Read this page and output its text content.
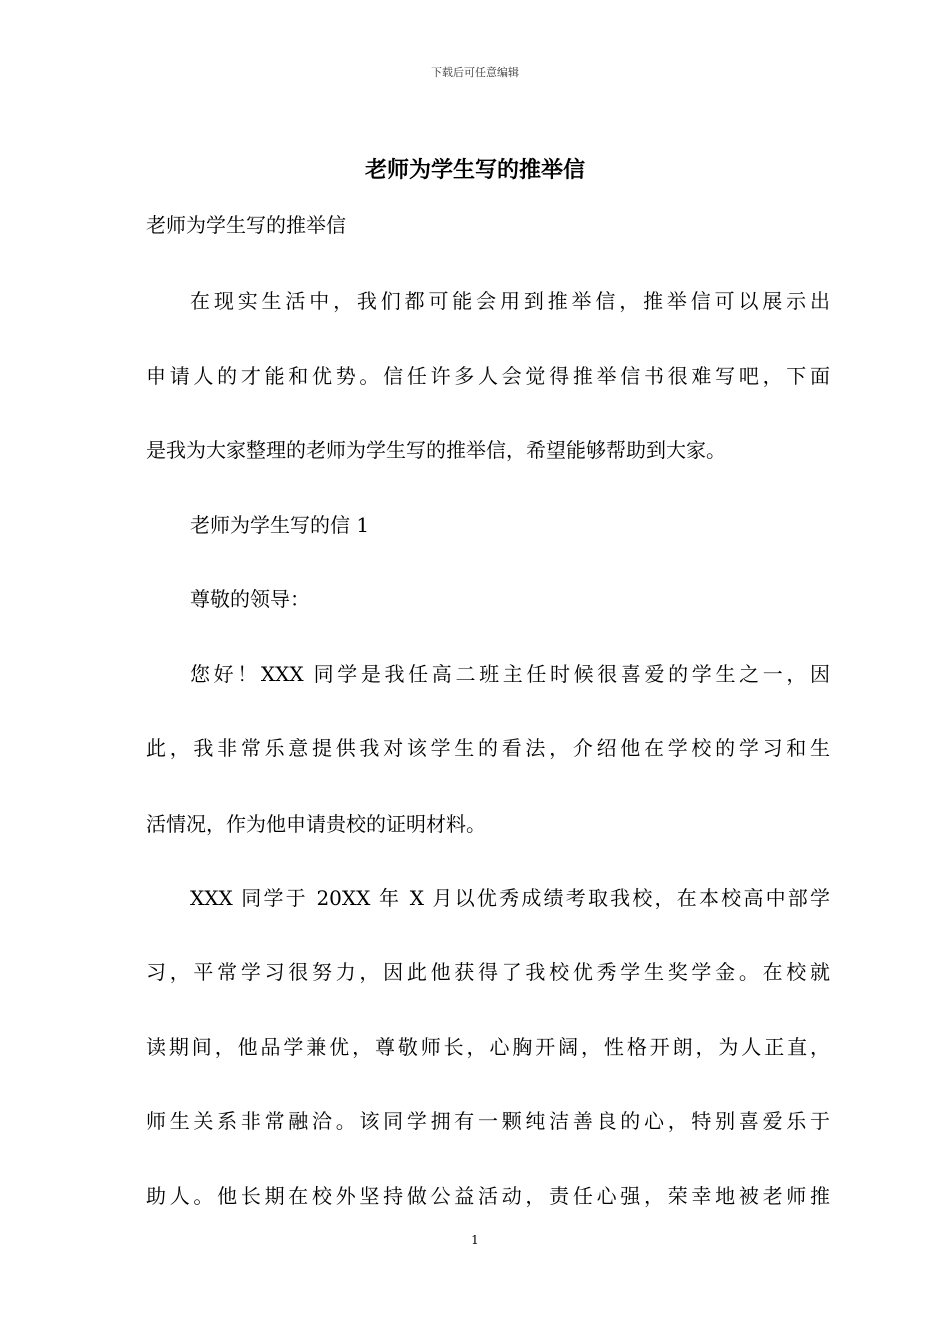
下载后可任意编辑
老师为学生写的推举信
老师为学生写的推举信
在现实生活中，我们都可能会用到推举信，推举信可以展示出
申请人的才能和优势。信任许多人会觉得推举信书很难写吧，下面
是我为大家整理的老师为学生写的推举信，希望能够帮助到大家。
老师为学生写的信 1
尊敬的领导：
您好！XXX 同学是我任高二班主任时候很喜爱的学生之一，因
此，我非常乐意提供我对该学生的看法，介绍他在学校的学习和生
活情况，作为他申请贵校的证明材料。
XXX 同学于 20XX 年 X 月以优秀成绩考取我校，在本校高中部学
习，平常学习很努力，因此他获得了我校优秀学生奖学金。在校就
读期间，他品学兼优，尊敬师长，心胸开阔，性格开朗，为人正直，
师生关系非常融洽。该同学拥有一颗纯洁善良的心，特别喜爱乐于
助人。他长期在校外坚持做公益活动，责任心强，荣幸地被老师推
1
